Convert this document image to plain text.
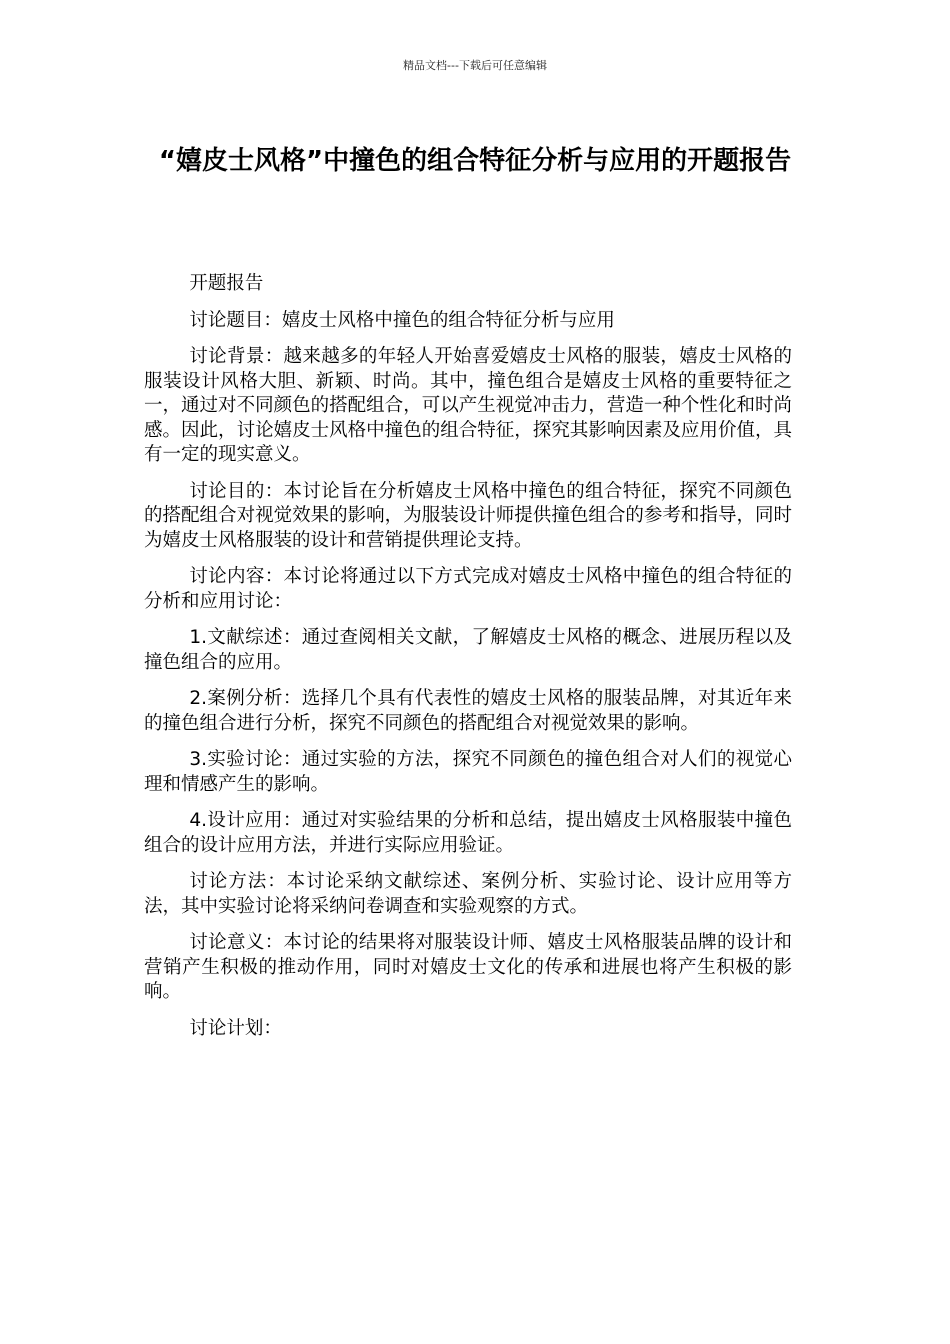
精品文档---下载后可任意编辑
“嬉皮士风格”中撞色的组合特征分析与应用的开题报告

开题报告

讨论题目：嬉皮士风格中撞色的组合特征分析与应用

讨论背景：越来越多的年轻人开始喜爱嬉皮士风格的服装，嬉皮士风格的服装设计风格大胆、新颖、时尚。其中，撞色组合是嬉皮士风格的重要特征之一，通过对不同颜色的搭配组合，可以产生视觉冲击力，营造一种个性化和时尚感。因此，讨论嬉皮士风格中撞色的组合特征，探究其影响因素及应用价值，具有一定的现实意义。

讨论目的：本讨论旨在分析嬉皮士风格中撞色的组合特征，探究不同颜色的搭配组合对视觉效果的影响，为服装设计师提供撞色组合的参考和指导，同时为嬉皮士风格服装的设计和营销提供理论支持。

讨论内容：本讨论将通过以下方式完成对嬉皮士风格中撞色的组合特征的分析和应用讨论：

1.文献综述：通过查阅相关文献，了解嬉皮士风格的概念、进展历程以及撞色组合的应用。

2.案例分析：选择几个具有代表性的嬉皮士风格的服装品牌，对其近年来的撞色组合进行分析，探究不同颜色的搭配组合对视觉效果的影响。

3.实验讨论：通过实验的方法，探究不同颜色的撞色组合对人们的视觉心理和情感产生的影响。

4.设计应用：通过对实验结果的分析和总结，提出嬉皮士风格服装中撞色组合的设计应用方法，并进行实际应用验证。

讨论方法：本讨论采纳文献综述、案例分析、实验讨论、设计应用等方法，其中实验讨论将采纳问卷调查和实验观察的方式。

讨论意义：本讨论的结果将对服装设计师、嬉皮士风格服装品牌的设计和营销产生积极的推动作用，同时对嬉皮士文化的传承和进展也将产生积极的影响。

讨论计划：
